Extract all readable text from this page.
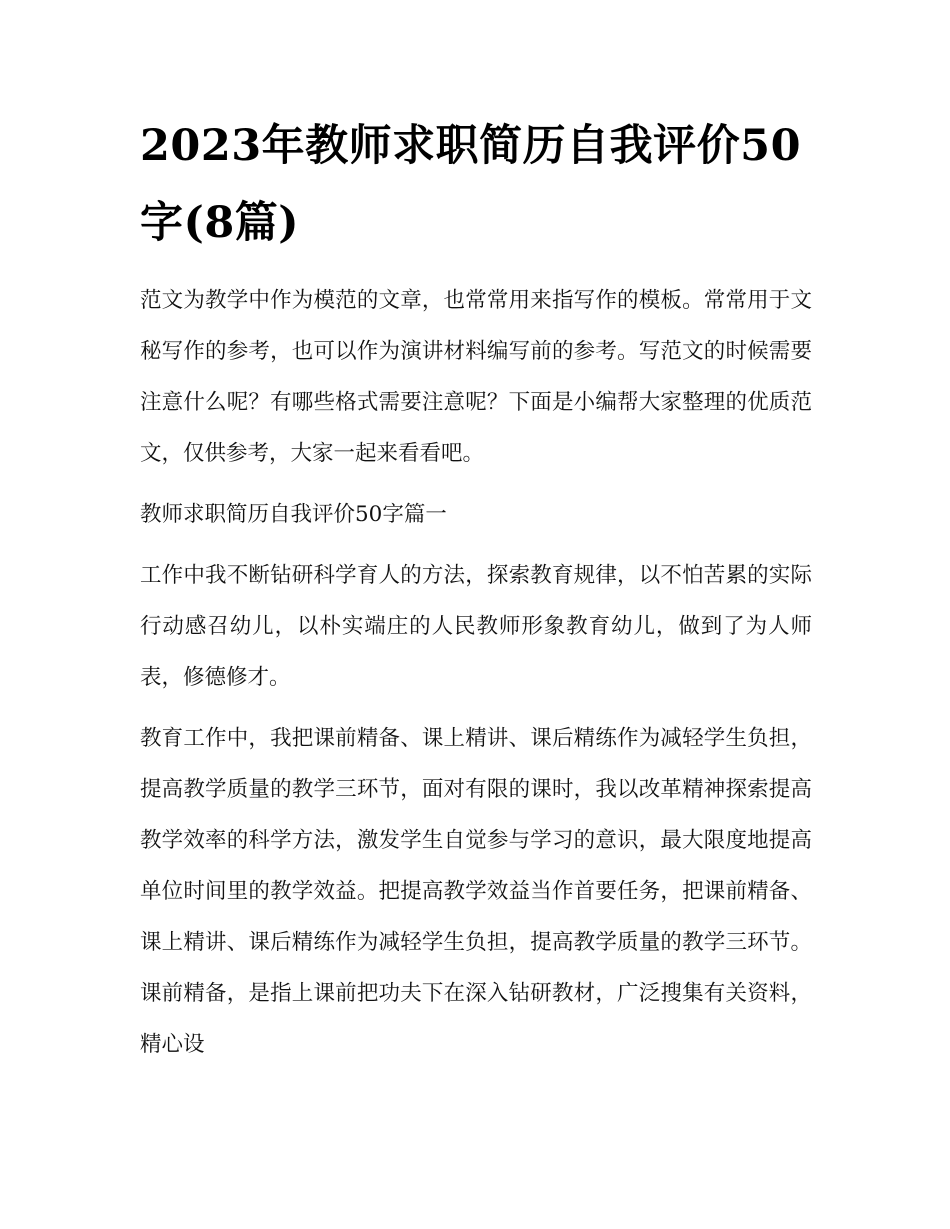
2023年教师求职简历自我评价50字(8篇)

范文为教学中作为模范的文章，也常常用来指写作的模板。常常用于文秘写作的参考，也可以作为演讲材料编写前的参考。写范文的时候需要注意什么呢？有哪些格式需要注意呢？下面是小编帮大家整理的优质范文，仅供参考，大家一起来看看吧。

教师求职简历自我评价50字篇一

工作中我不断钻研科学育人的方法，探索教育规律，以不怕苦累的实际行动感召幼儿，以朴实端庄的人民教师形象教育幼儿，做到了为人师表，修德修才。

教育工作中，我把课前精备、课上精讲、课后精练作为减轻学生负担，提高教学质量的教学三环节，面对有限的课时，我以改革精神探索提高教学效率的科学方法，激发学生自觉参与学习的意识，最大限度地提高单位时间里的教学效益。把提高教学效益当作首要任务，把课前精备、课上精讲、课后精练作为减轻学生负担，提高教学质量的教学三环节。课前精备，是指上课前把功夫下在深入钻研教材，广泛搜集有关资料，精心设
